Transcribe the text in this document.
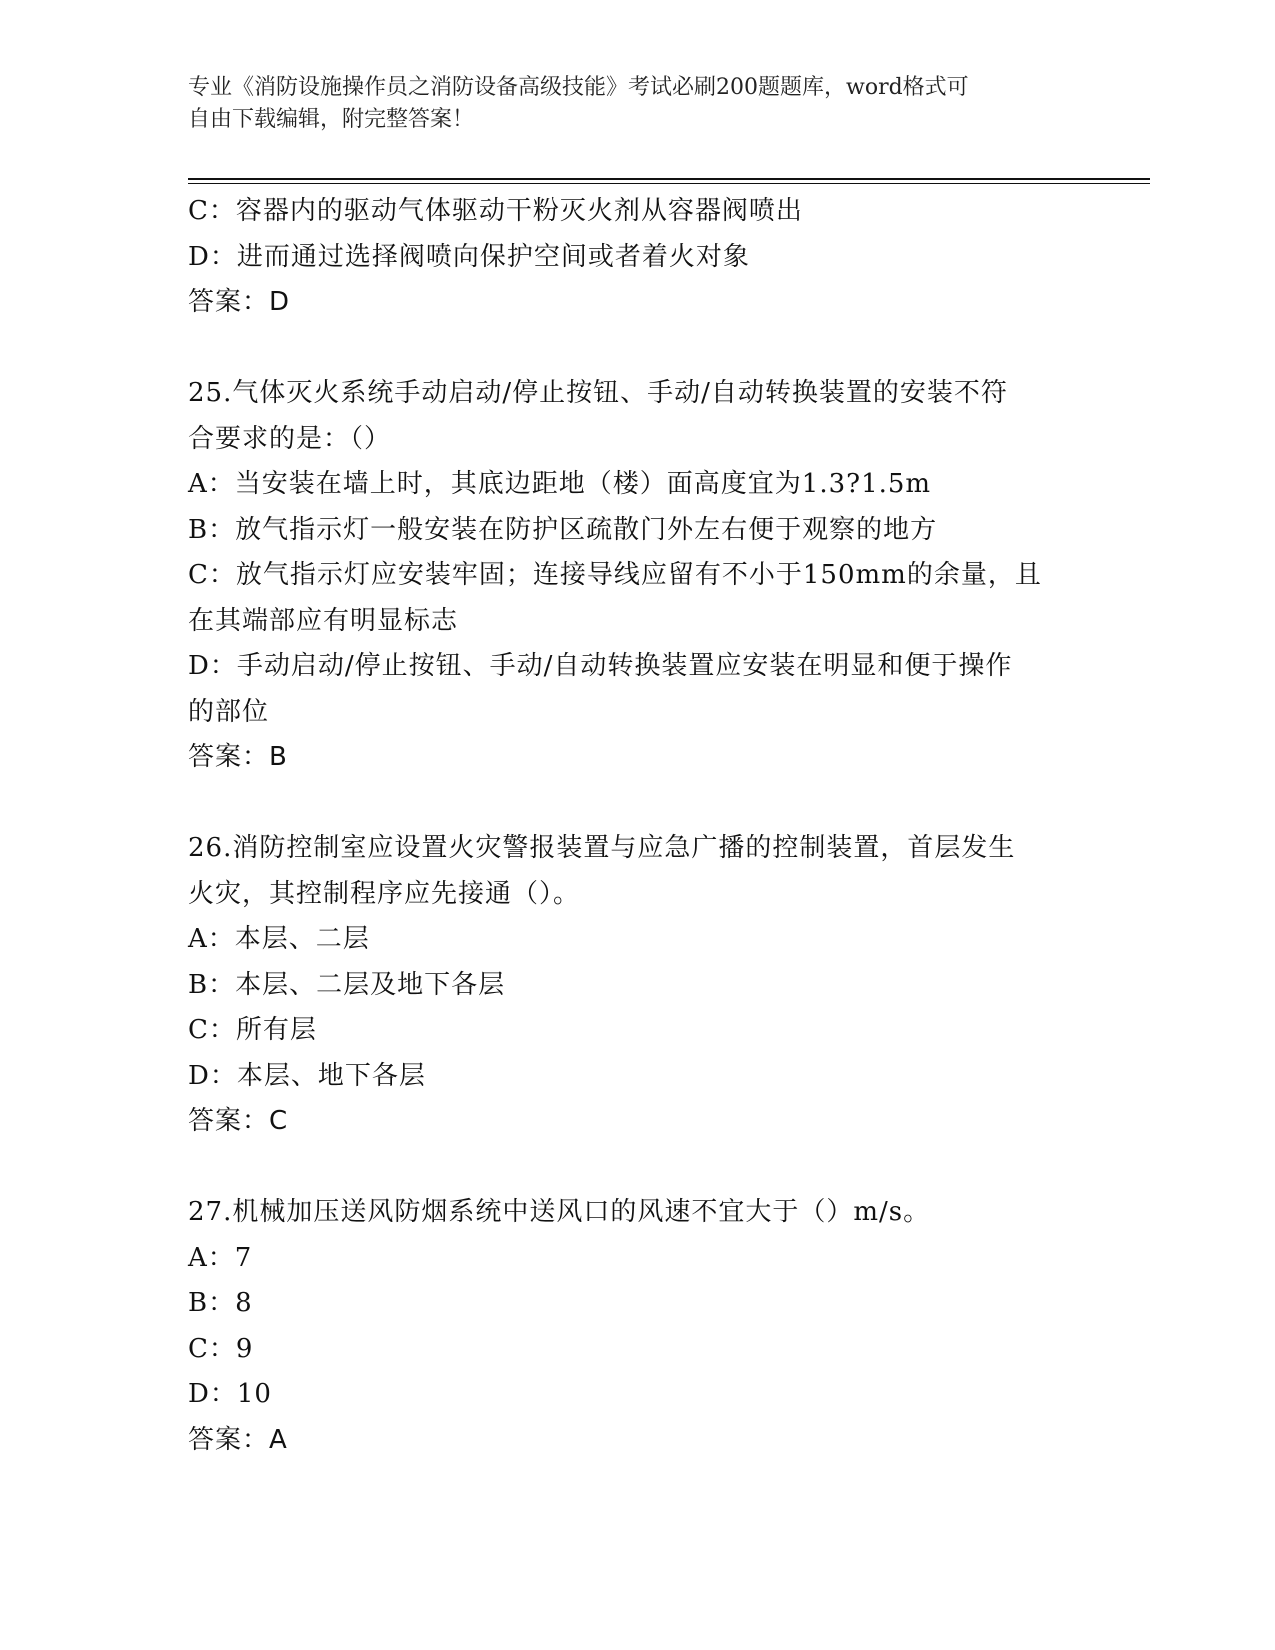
专业《消防设施操作员之消防设备高级技能》考试必刷200题题库，word格式可
自由下载编辑，附完整答案！
C：容器内的驱动气体驱动干粉灭火剂从容器阀喷出
D：进而通过选择阀喷向保护空间或者着火对象
答案：D
25.气体灭火系统手动启动/停止按钮、手动/自动转换装置的安装不符
合要求的是：（）
A：当安装在墙上时，其底边距地（楼）面高度宜为1.3?1.5m
B：放气指示灯一般安装在防护区疏散门外左右便于观察的地方
C：放气指示灯应安装牢固；连接导线应留有不小于150mm的余量，且
在其端部应有明显标志
D：手动启动/停止按钮、手动/自动转换装置应安装在明显和便于操作
的部位
答案：B
26.消防控制室应设置火灾警报装置与应急广播的控制装置，首层发生
火灾，其控制程序应先接通（）。
A：本层、二层
B：本层、二层及地下各层
C：所有层
D：本层、地下各层
答案：C
27.机械加压送风防烟系统中送风口的风速不宜大于（）m/s。
A：7
B：8
C：9
D：10
答案：A
